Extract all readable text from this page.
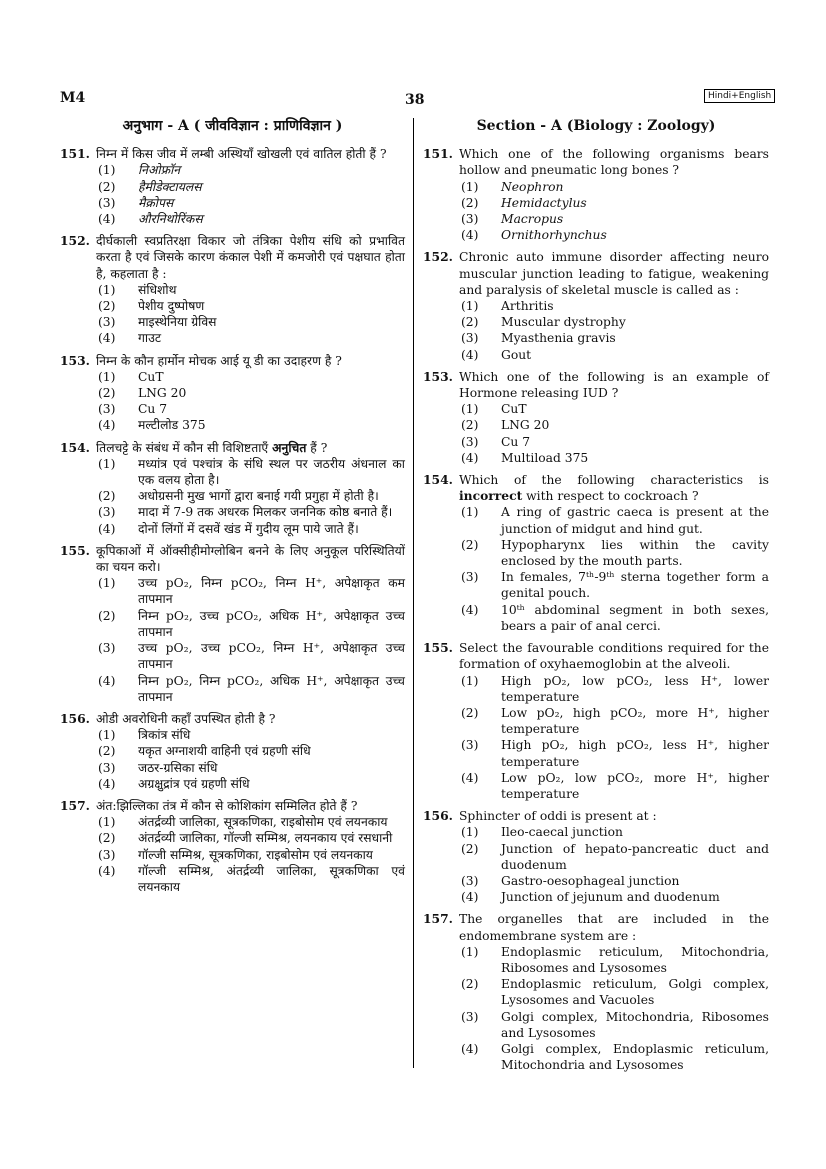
M4	38	Hindi+English
अनुभाग - A ( जीवविज्ञान : प्राणिविज्ञान )
151. निम्न में किस जीव में लम्बी अस्थियाँ खोखली एवं वातिल होती हैं ?
(1) निओफ्रॉन
(2) हैमीडेक्टायलस
(3) मैक्रोपस
(4) औरनिथोरिंकस
152. दीर्घकाली स्वप्रतिरक्षा विकार जो तंत्रिका पेशीय संधि को प्रभावित करता है एवं जिसके कारण कंकाल पेशी में कमजोरी एवं पक्षघात होता है, कहलाता है :
(1) संधिशोथ
(2) पेशीय दुष्पोषण
(3) माइस्थेनिया ग्रेविस
(4) गाउट
153. निम्न के कौन हार्मोन मोचक आई यू डी का उदाहरण है ?
(1) CuT
(2) LNG 20
(3) Cu 7
(4) मल्टीलोड 375
154. तिलचट्टे के संबंध में कौन सी विशिष्टताएँ अनुचित हैं ?
(1) मध्यांत्र एवं पश्चांत्र के संधि स्थल पर जठरीय अंधनाल का एक वलय होता है।
(2) अधोग्रसनी मुख भागों द्वारा बनाई गयी प्रगुहा में होती है।
(3) मादा में 7-9 तक अधरक मिलकर जननिक कोष्ठ बनाते हैं।
(4) दोनों लिंगों में दसवें खंड में गुदीय लूम पाये जाते हैं।
155. कूपिकाओं में ऑक्सीहीमोग्लोबिन बनने के लिए अनुकूल परिस्थितियों का चयन करो।
(1) उच्च pO₂, निम्न pCO₂, निम्न H⁺, अपेक्षाकृत कम तापमान
(2) निम्न pO₂, उच्च pCO₂, अधिक H⁺, अपेक्षाकृत उच्च तापमान
(3) उच्च pO₂, उच्च pCO₂, निम्न H⁺, अपेक्षाकृत उच्च तापमान
(4) निम्न pO₂, निम्न pCO₂, अधिक H⁺, अपेक्षाकृत उच्च तापमान
156. ओडी अवरोधिनी कहाँ उपस्थित होती है ?
(1) त्रिकांत्र संधि
(2) यकृत अग्नाशयी वाहिनी एवं ग्रहणी संधि
(3) जठर-ग्रसिका संधि
(4) अग्रक्षुद्रांत्र एवं ग्रहणी संधि
157. अंत:झिल्लिका तंत्र में कौन से कोशिकांग सम्मिलित होते हैं ?
(1) अंतर्द्रव्यी जालिका, सूत्रकणिका, राइबोसोम एवं लयनकाय
(2) अंतर्द्रव्यी जालिका, गॉल्जी सम्मिश्र, लयनकाय एवं रसधानी
(3) गॉल्जी सम्मिश्र, सूत्रकणिका, राइबोसोम एवं लयनकाय
(4) गॉल्जी सम्मिश्र, अंतर्द्रव्यी जालिका, सूत्रकणिका एवं लयनकाय
Section - A (Biology : Zoology)
151. Which one of the following organisms bears hollow and pneumatic long bones ?
(1) Neophron
(2) Hemidactylus
(3) Macropus
(4) Ornithorhynchus
152. Chronic auto immune disorder affecting neuro muscular junction leading to fatigue, weakening and paralysis of skeletal muscle is called as :
(1) Arthritis
(2) Muscular dystrophy
(3) Myasthenia gravis
(4) Gout
153. Which one of the following is an example of Hormone releasing IUD ?
(1) CuT
(2) LNG 20
(3) Cu 7
(4) Multiload 375
154. Which of the following characteristics is incorrect with respect to cockroach ?
(1) A ring of gastric caeca is present at the junction of midgut and hind gut.
(2) Hypopharynx lies within the cavity enclosed by the mouth parts.
(3) In females, 7ᵗʰ-9ᵗʰ sterna together form a genital pouch.
(4) 10ᵗʰ abdominal segment in both sexes, bears a pair of anal cerci.
155. Select the favourable conditions required for the formation of oxyhaemoglobin at the alveoli.
(1) High pO₂, low pCO₂, less H⁺, lower temperature
(2) Low pO₂, high pCO₂, more H⁺, higher temperature
(3) High pO₂, high pCO₂, less H⁺, higher temperature
(4) Low pO₂, low pCO₂, more H⁺, higher temperature
156. Sphincter of oddi is present at :
(1) Ileo-caecal junction
(2) Junction of hepato-pancreatic duct and duodenum
(3) Gastro-oesophageal junction
(4) Junction of jejunum and duodenum
157. The organelles that are included in the endomembrane system are :
(1) Endoplasmic reticulum, Mitochondria, Ribosomes and Lysosomes
(2) Endoplasmic reticulum, Golgi complex, Lysosomes and Vacuoles
(3) Golgi complex, Mitochondria, Ribosomes and Lysosomes
(4) Golgi complex, Endoplasmic reticulum, Mitochondria and Lysosomes
